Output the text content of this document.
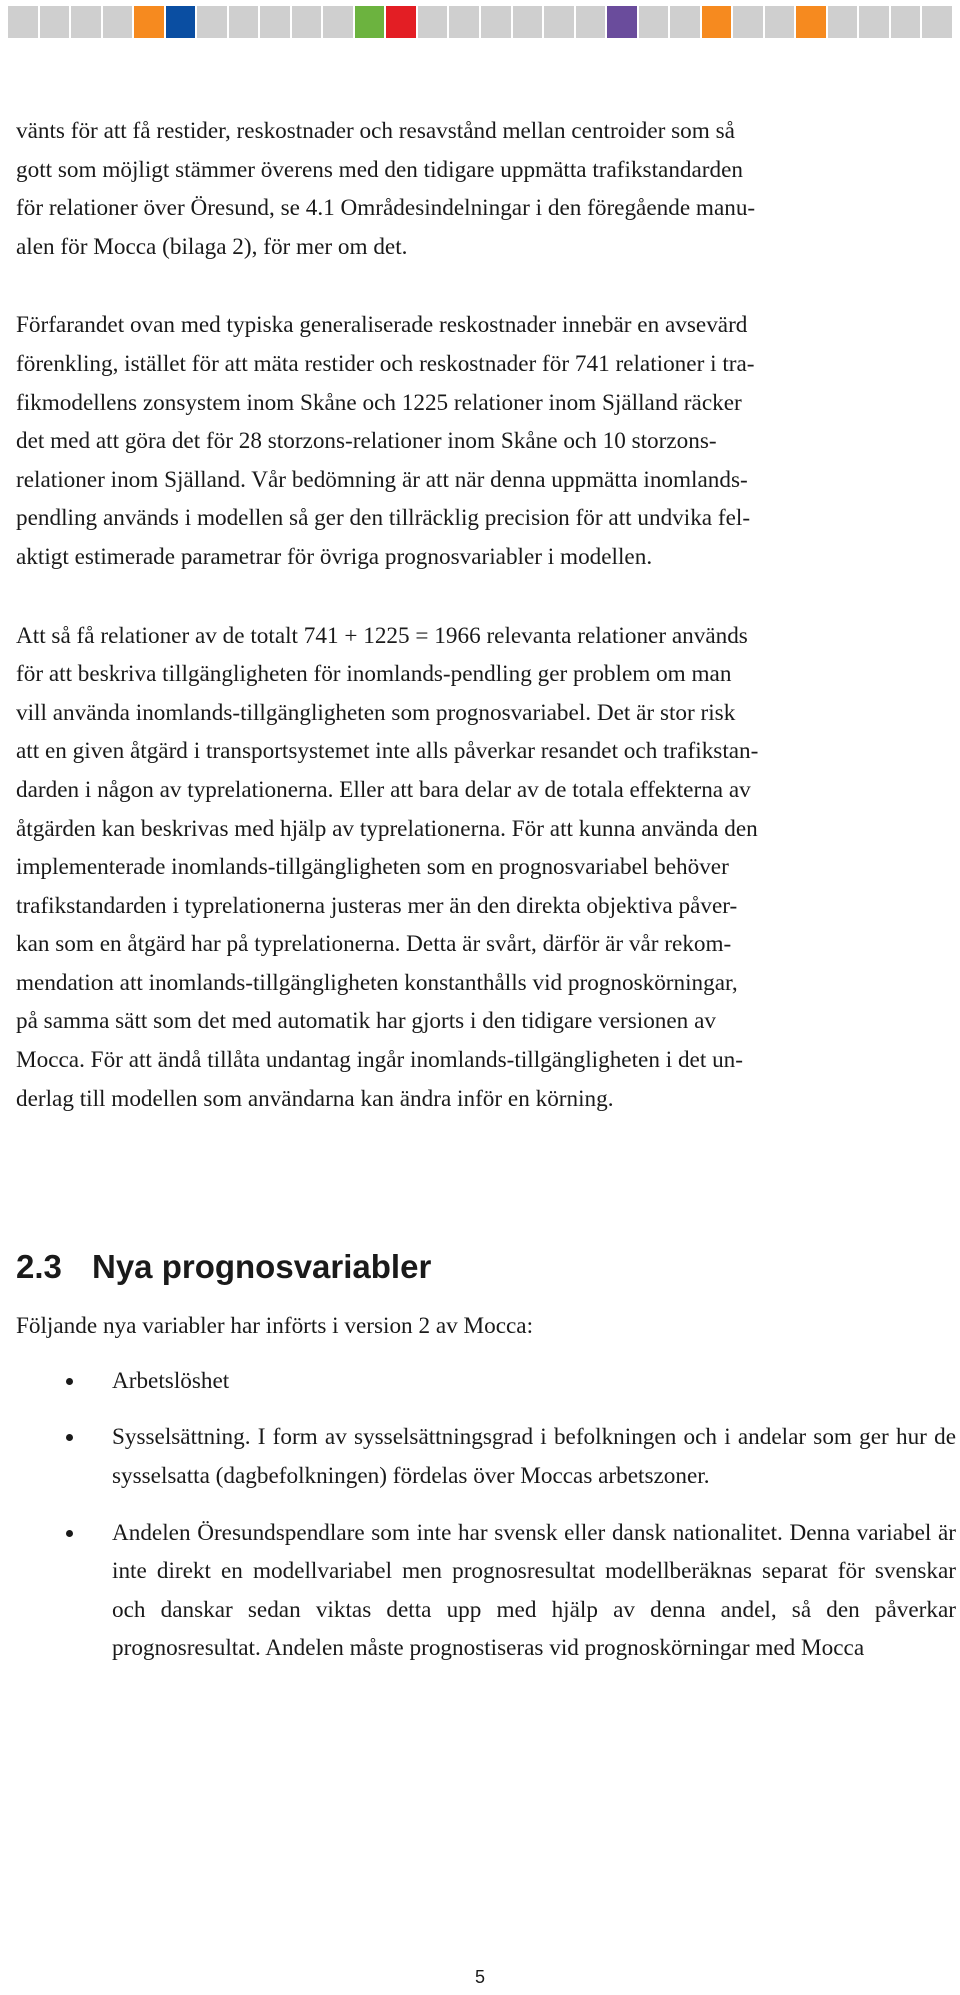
vänts för att få restider, reskostnader och resavstånd mellan centroider som så
gott som möjligt stämmer överens med den tidigare uppmätta trafikstandarden
för relationer över Öresund, se 4.1 Områdesindelningar i den föregående manu-
alen för Mocca (bilaga 2), för mer om det.

Förfarandet ovan med typiska generaliserade reskostnader innebär en avsevärd
förenkling, istället för att mäta restider och reskostnader för 741 relationer i tra-
fikmodellens zonsystem inom Skåne och 1225 relationer inom Själland räcker
det med att göra det för 28 storzons-relationer inom Skåne och 10 storzons-
relationer inom Själland. Vår bedömning är att när denna uppmätta inomlands-
pendling används i modellen så ger den tillräcklig precision för att undvika fel-
aktigt estimerade parametrar för övriga prognosvariabler i modellen.

Att så få relationer av de totalt 741 + 1225 = 1966 relevanta relationer används
för att beskriva tillgängligheten för inomlands-pendling ger problem om man
vill använda inomlands-tillgängligheten som prognosvariabel. Det är stor risk
att en given åtgärd i transportsystemet inte alls påverkar resandet och trafikstan-
darden i någon av typrelationerna. Eller att bara delar av de totala effekterna av
åtgärden kan beskrivas med hjälp av typrelationerna. För att kunna använda den
implementerade inomlands-tillgängligheten som en prognosvariabel behöver
trafikstandarden i typrelationerna justeras mer än den direkta objektiva påver-
kan som en åtgärd har på typrelationerna. Detta är svårt, därför är vår rekom-
mendation att inomlands-tillgängligheten konstanthålls vid prognoskörningar,
på samma sätt som det med automatik har gjorts i den tidigare versionen av
Mocca. För att ändå tillåta undantag ingår inomlands-tillgängligheten i det un-
derlag till modellen som användarna kan ändra inför en körning.

2.3 Nya prognosvariabler

Följande nya variabler har införts i version 2 av Mocca:

Arbetslöshet
Sysselsättning. I form av sysselsättningsgrad i befolkningen och i andelar som ger hur de sysselsatta (dagbefolkningen) fördelas över Moccas arbetszoner.
Andelen Öresundspendlare som inte har svensk eller dansk nationalitet. Denna variabel är inte direkt en modellvariabel men prognosresultat modellberäknas separat för svenskar och danskar sedan viktas detta upp med hjälp av denna andel, så den påverkar prognosresultat. Andelen måste prognostiseras vid prognoskörningar med Mocca
5
